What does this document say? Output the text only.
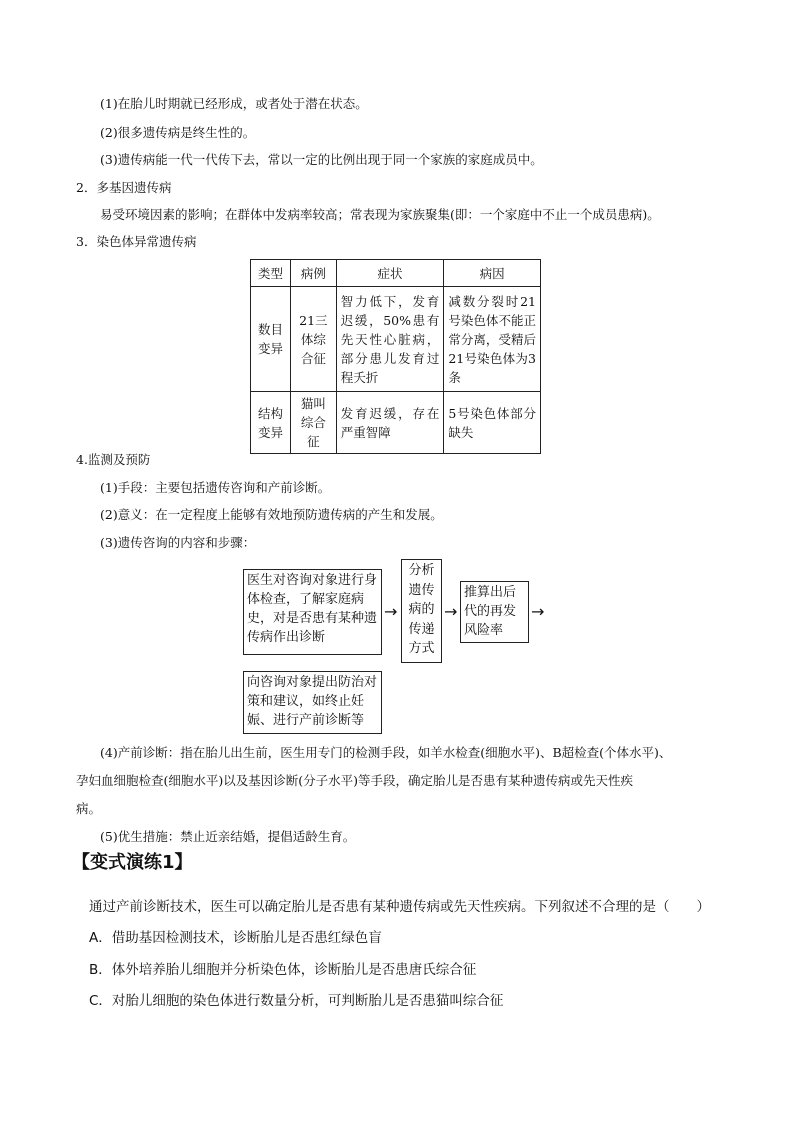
(1)在胎儿时期就已经形成，或者处于潜在状态。
(2)很多遗传病是终生性的。
(3)遗传病能一代一代传下去，常以一定的比例出现于同一个家族的家庭成员中。
2．多基因遗传病
易受环境因素的影响；在群体中发病率较高；常表现为家族聚集(即：一个家庭中不止一个成员患病)。
3．染色体异常遗传病
类型	病例	症状	病因
数目变异	21三体综合征	智力低下，发育迟缓，50%患有先天性心脏病，部分患儿发育过程夭折	减数分裂时21号染色体不能正常分离，受精后21号染色体为3条
结构变异	猫叫综合征	发育迟缓，存在严重智障	5号染色体部分缺失
4.监测及预防
(1)手段：主要包括遗传咨询和产前诊断。
(2)意义：在一定程度上能够有效地预防遗传病的产生和发展。
(3)遗传咨询的内容和步骤：
医生对咨询对象进行身体检查，了解家庭病史，对是否患有某种遗传病作出诊断
→
分析遗传病的传递方式
→
推算出后代的再发风险率
→
向咨询对象提出防治对策和建议，如终止妊娠、进行产前诊断等
(4)产前诊断：指在胎儿出生前，医生用专门的检测手段，如羊水检查(细胞水平)、B超检查(个体水平)、
孕妇血细胞检查(细胞水平)以及基因诊断(分子水平)等手段，确定胎儿是否患有某种遗传病或先天性疾
病。
(5)优生措施：禁止近亲结婚，提倡适龄生育。
【变式演练1】
通过产前诊断技术，医生可以确定胎儿是否患有某种遗传病或先天性疾病。下列叙述不合理的是（　　）
A．借助基因检测技术，诊断胎儿是否患红绿色盲
B．体外培养胎儿细胞并分析染色体，诊断胎儿是否患唐氏综合征
C．对胎儿细胞的染色体进行数量分析，可判断胎儿是否患猫叫综合征
